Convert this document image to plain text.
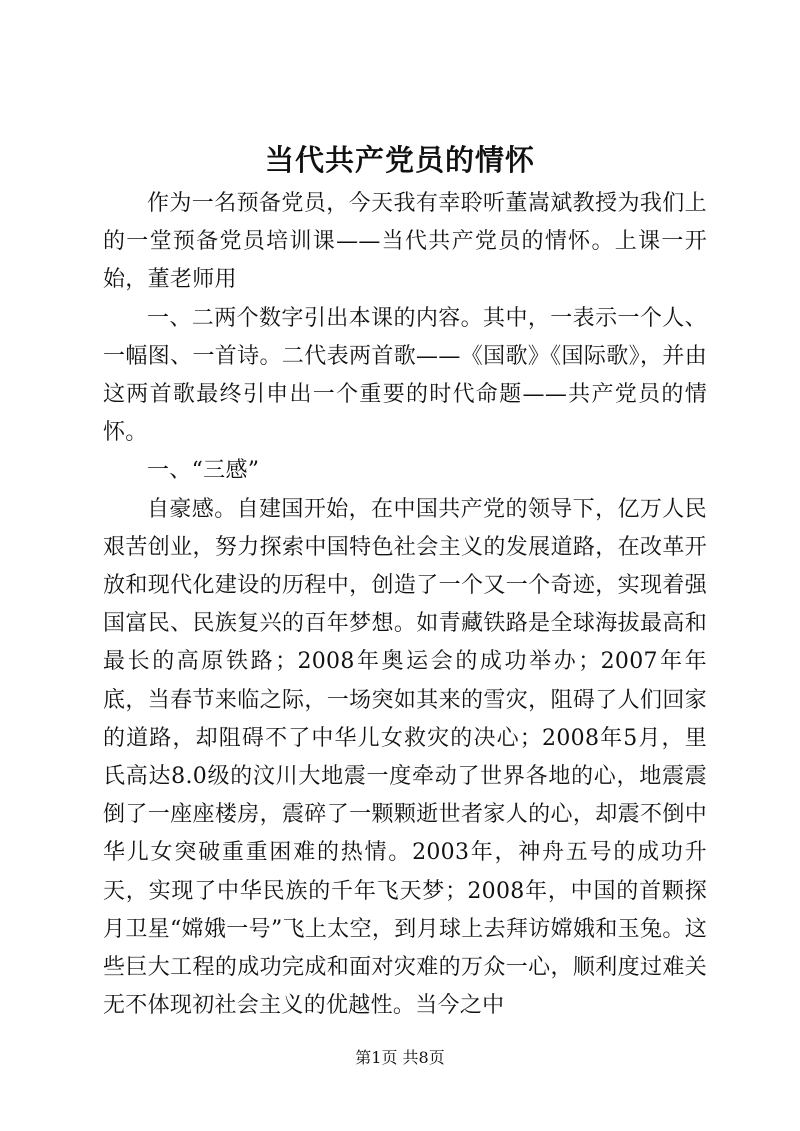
当代共产党员的情怀

作为一名预备党员，今天我有幸聆听董嵩斌教授为我们上的一堂预备党员培训课——当代共产党员的情怀。上课一开始，董老师用

一、二两个数字引出本课的内容。其中，一表示一个人、一幅图、一首诗。二代表两首歌——《国歌》《国际歌》，并由这两首歌最终引申出一个重要的时代命题——共产党员的情怀。

一、“三感”

自豪感。自建国开始，在中国共产党的领导下，亿万人民艰苦创业，努力探索中国特色社会主义的发展道路，在改革开放和现代化建设的历程中，创造了一个又一个奇迹，实现着强国富民、民族复兴的百年梦想。如青藏铁路是全球海拔最高和最长的高原铁路；2008年奥运会的成功举办；2007年年底，当春节来临之际，一场突如其来的雪灾，阻碍了人们回家的道路，却阻碍不了中华儿女救灾的决心；2008年5月，里氏高达8.0级的汶川大地震一度牵动了世界各地的心，地震震倒了一座座楼房，震碎了一颗颗逝世者家人的心，却震不倒中华儿女突破重重困难的热情。2003年，神舟五号的成功升天，实现了中华民族的千年飞天梦；2008年，中国的首颗探月卫星“嫦娥一号”飞上太空，到月球上去拜访嫦娥和玉兔。这些巨大工程的成功完成和面对灾难的万众一心，顺利度过难关无不体现初社会主义的优越性。当今之中

第1页 共8页
